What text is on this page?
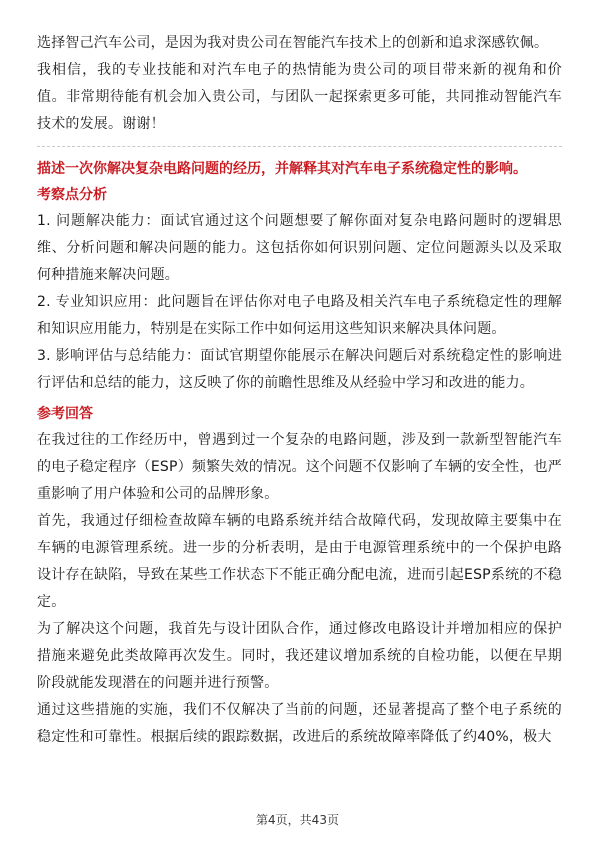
选择智己汽车公司，是因为我对贵公司在智能汽车技术上的创新和追求深感钦佩。

我相信，我的专业技能和对汽车电子的热情能为贵公司的项目带来新的视角和价值。非常期待能有机会加入贵公司，与团队一起探索更多可能，共同推动智能汽车技术的发展。谢谢！

描述一次你解决复杂电路问题的经历，并解释其对汽车电子系统稳定性的影响。

考察点分析

1. 问题解决能力：面试官通过这个问题想要了解你面对复杂电路问题时的逻辑思维、分析问题和解决问题的能力。这包括你如何识别问题、定位问题源头以及采取何种措施来解决问题。

2. 专业知识应用：此问题旨在评估你对电子电路及相关汽车电子系统稳定性的理解和知识应用能力，特别是在实际工作中如何运用这些知识来解决具体问题。

3. 影响评估与总结能力：面试官期望你能展示在解决问题后对系统稳定性的影响进行评估和总结的能力，这反映了你的前瞻性思维及从经验中学习和改进的能力。

参考回答

在我过往的工作经历中，曾遇到过一个复杂的电路问题，涉及到一款新型智能汽车的电子稳定程序（ESP）频繁失效的情况。这个问题不仅影响了车辆的安全性，也严重影响了用户体验和公司的品牌形象。

首先，我通过仔细检查故障车辆的电路系统并结合故障代码，发现故障主要集中在车辆的电源管理系统。进一步的分析表明，是由于电源管理系统中的一个保护电路设计存在缺陷，导致在某些工作状态下不能正确分配电流，进而引起ESP系统的不稳定。

为了解决这个问题，我首先与设计团队合作，通过修改电路设计并增加相应的保护措施来避免此类故障再次发生。同时，我还建议增加系统的自检功能，以便在早期阶段就能发现潜在的问题并进行预警。

通过这些措施的实施，我们不仅解决了当前的问题，还显著提高了整个电子系统的稳定性和可靠性。根据后续的跟踪数据，改进后的系统故障率降低了约40%，极大

第4页，共43页
